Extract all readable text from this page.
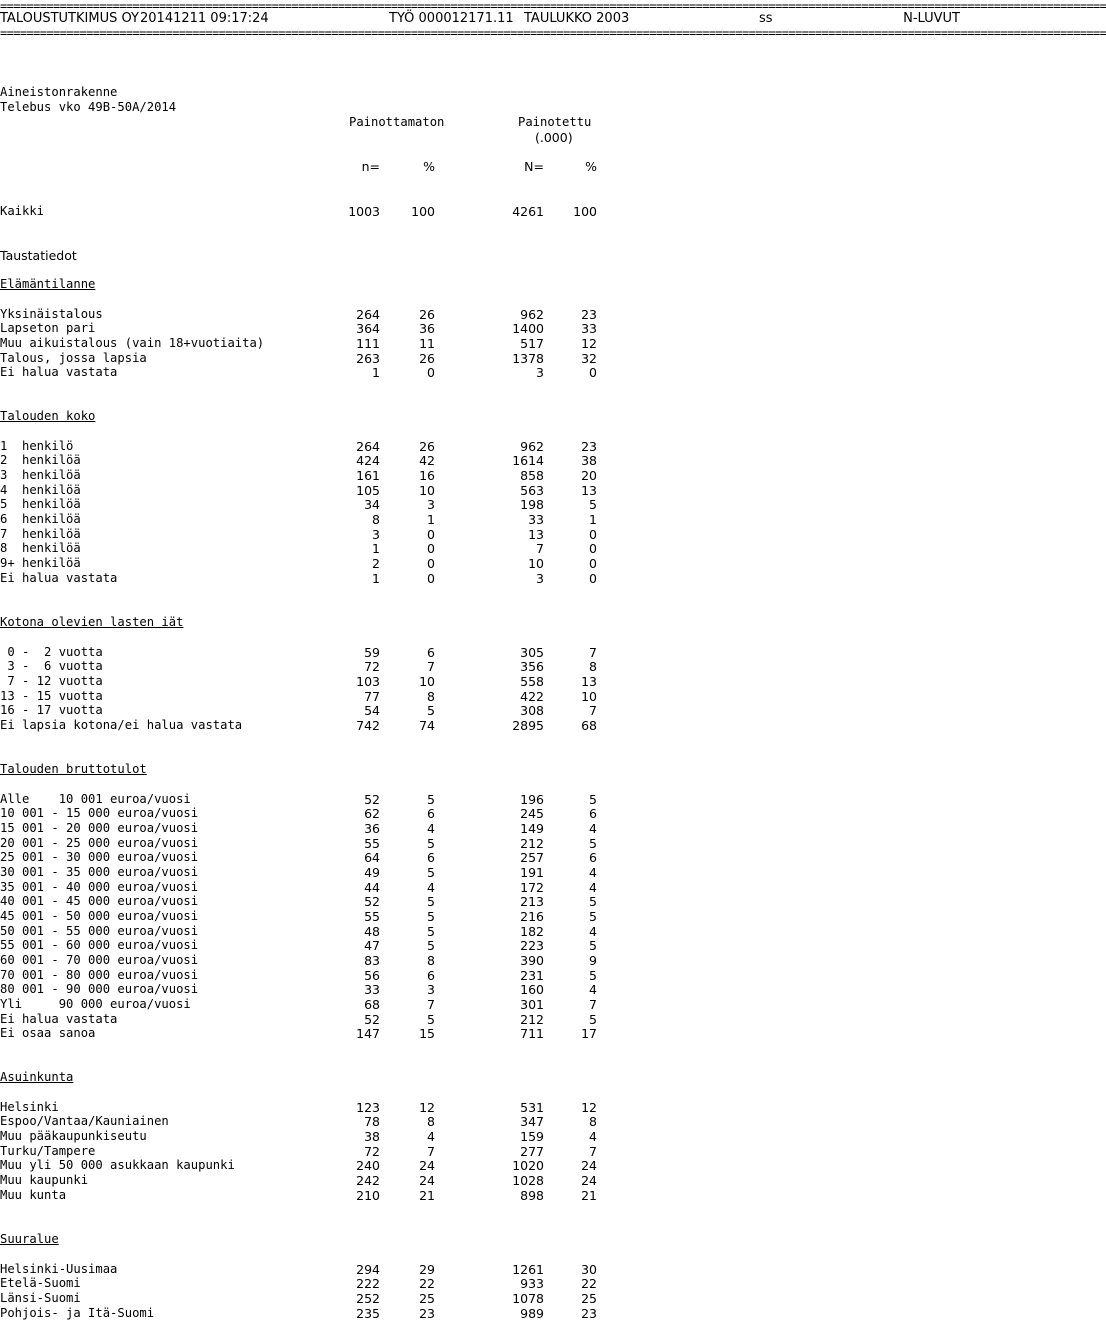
=======================================================================================================================================================================
TALOUSTUTKIMUS OY 20141211 09:17:24	TYÖ 000012171.11 TAULUKKO 2003	ss	N-LUVUT
=======================================================================================================================================================================
Aineistonrakenne
Telebus vko 49B-50A/2014
Painottamaton	Painotettu
(.000)
n=	%	N=	%
Kaikki	1003 100	4261 100
Taustatiedot
Elämäntilanne
Yksinäistalous	264	26	962	23
Lapseton pari	364	36	1400	33
Muu aikuistalous (vain 18+vuotiaita)	111	11	517	12
Talous, jossa lapsia	263	26	1378	32
Ei halua vastata	1	0	3	0
Talouden koko
1  henkilö	264	26	962	23
2  henkilöä	424	42	1614	38
3  henkilöä	161	16	858	20
4  henkilöä	105	10	563	13
5  henkilöä	34	3	198	5
6  henkilöä	8	1	33	1
7  henkilöä	3	0	13	0
8  henkilöä	1	0	7	0
9+ henkilöä	2	0	10	0
Ei halua vastata	1	0	3	0
Kotona olevien lasten iät
0 -  2 vuotta	59	6	305	7
3 -  6 vuotta	72	7	356	8
7 - 12 vuotta	103	10	558	13
13 - 15 vuotta	77	8	422	10
16 - 17 vuotta	54	5	308	7
Ei lapsia kotona/ei halua vastata	742	74	2895	68
Talouden bruttotulot
Alle    10 001 euroa/vuosi	52	5	196	5
10 001 - 15 000 euroa/vuosi	62	6	245	6
15 001 - 20 000 euroa/vuosi	36	4	149	4
20 001 - 25 000 euroa/vuosi	55	5	212	5
25 001 - 30 000 euroa/vuosi	64	6	257	6
30 001 - 35 000 euroa/vuosi	49	5	191	4
35 001 - 40 000 euroa/vuosi	44	4	172	4
40 001 - 45 000 euroa/vuosi	52	5	213	5
45 001 - 50 000 euroa/vuosi	55	5	216	5
50 001 - 55 000 euroa/vuosi	48	5	182	4
55 001 - 60 000 euroa/vuosi	47	5	223	5
60 001 - 70 000 euroa/vuosi	83	8	390	9
70 001 - 80 000 euroa/vuosi	56	6	231	5
80 001 - 90 000 euroa/vuosi	33	3	160	4
Yli     90 000 euroa/vuosi	68	7	301	7
Ei halua vastata	52	5	212	5
Ei osaa sanoa	147	15	711	17
Asuinkunta
Helsinki	123	12	531	12
Espoo/Vantaa/Kauniainen	78	8	347	8
Muu pääkaupunkiseutu	38	4	159	4
Turku/Tampere	72	7	277	7
Muu yli 50 000 asukkaan kaupunki	240	24	1020	24
Muu kaupunki	242	24	1028	24
Muu kunta	210	21	898	21
Suuralue
Helsinki-Uusimaa	294	29	1261	30
Etelä-Suomi	222	22	933	22
Länsi-Suomi	252	25	1078	25
Pohjois- ja Itä-Suomi	235	23	989	23
